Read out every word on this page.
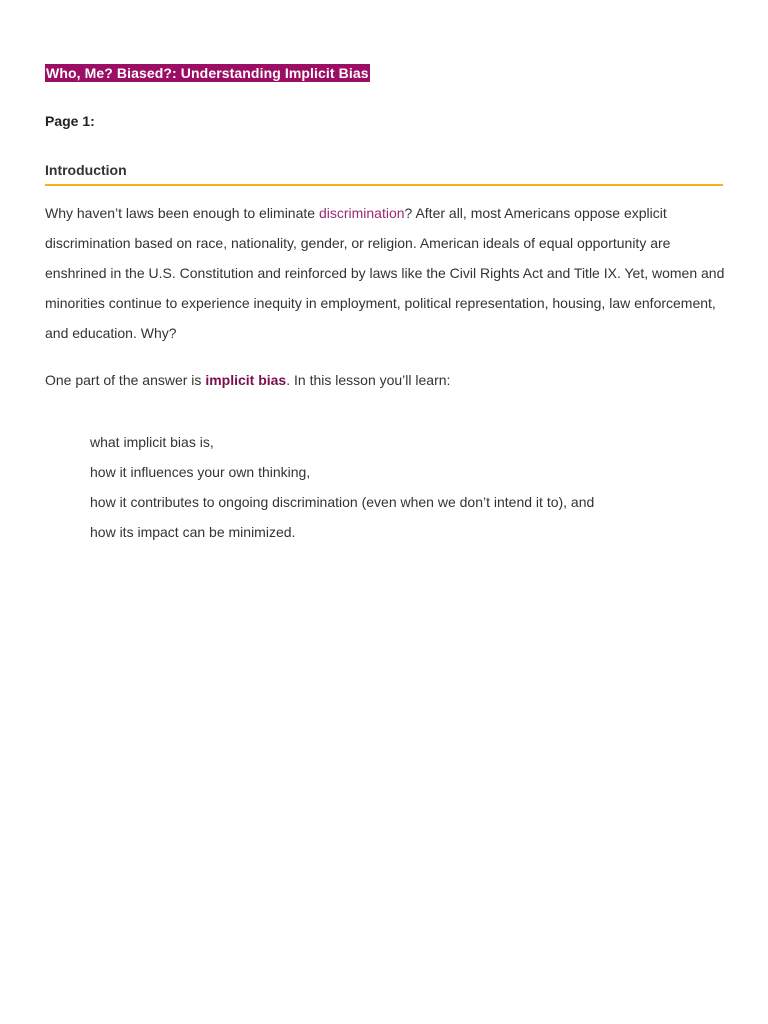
Who, Me? Biased?: Understanding Implicit Bias
Page 1:
Introduction

Why haven’t laws been enough to eliminate discrimination? After all, most Americans oppose explicit discrimination based on race, nationality, gender, or religion. American ideals of equal opportunity are enshrined in the U.S. Constitution and reinforced by laws like the Civil Rights Act and Title IX. Yet, women and minorities continue to experience inequity in employment, political representation, housing, law enforcement, and education. Why?

One part of the answer is implicit bias. In this lesson you’ll learn:

what implicit bias is,
how it influences your own thinking,
how it contributes to ongoing discrimination (even when we don’t intend it to), and
how its impact can be minimized.
